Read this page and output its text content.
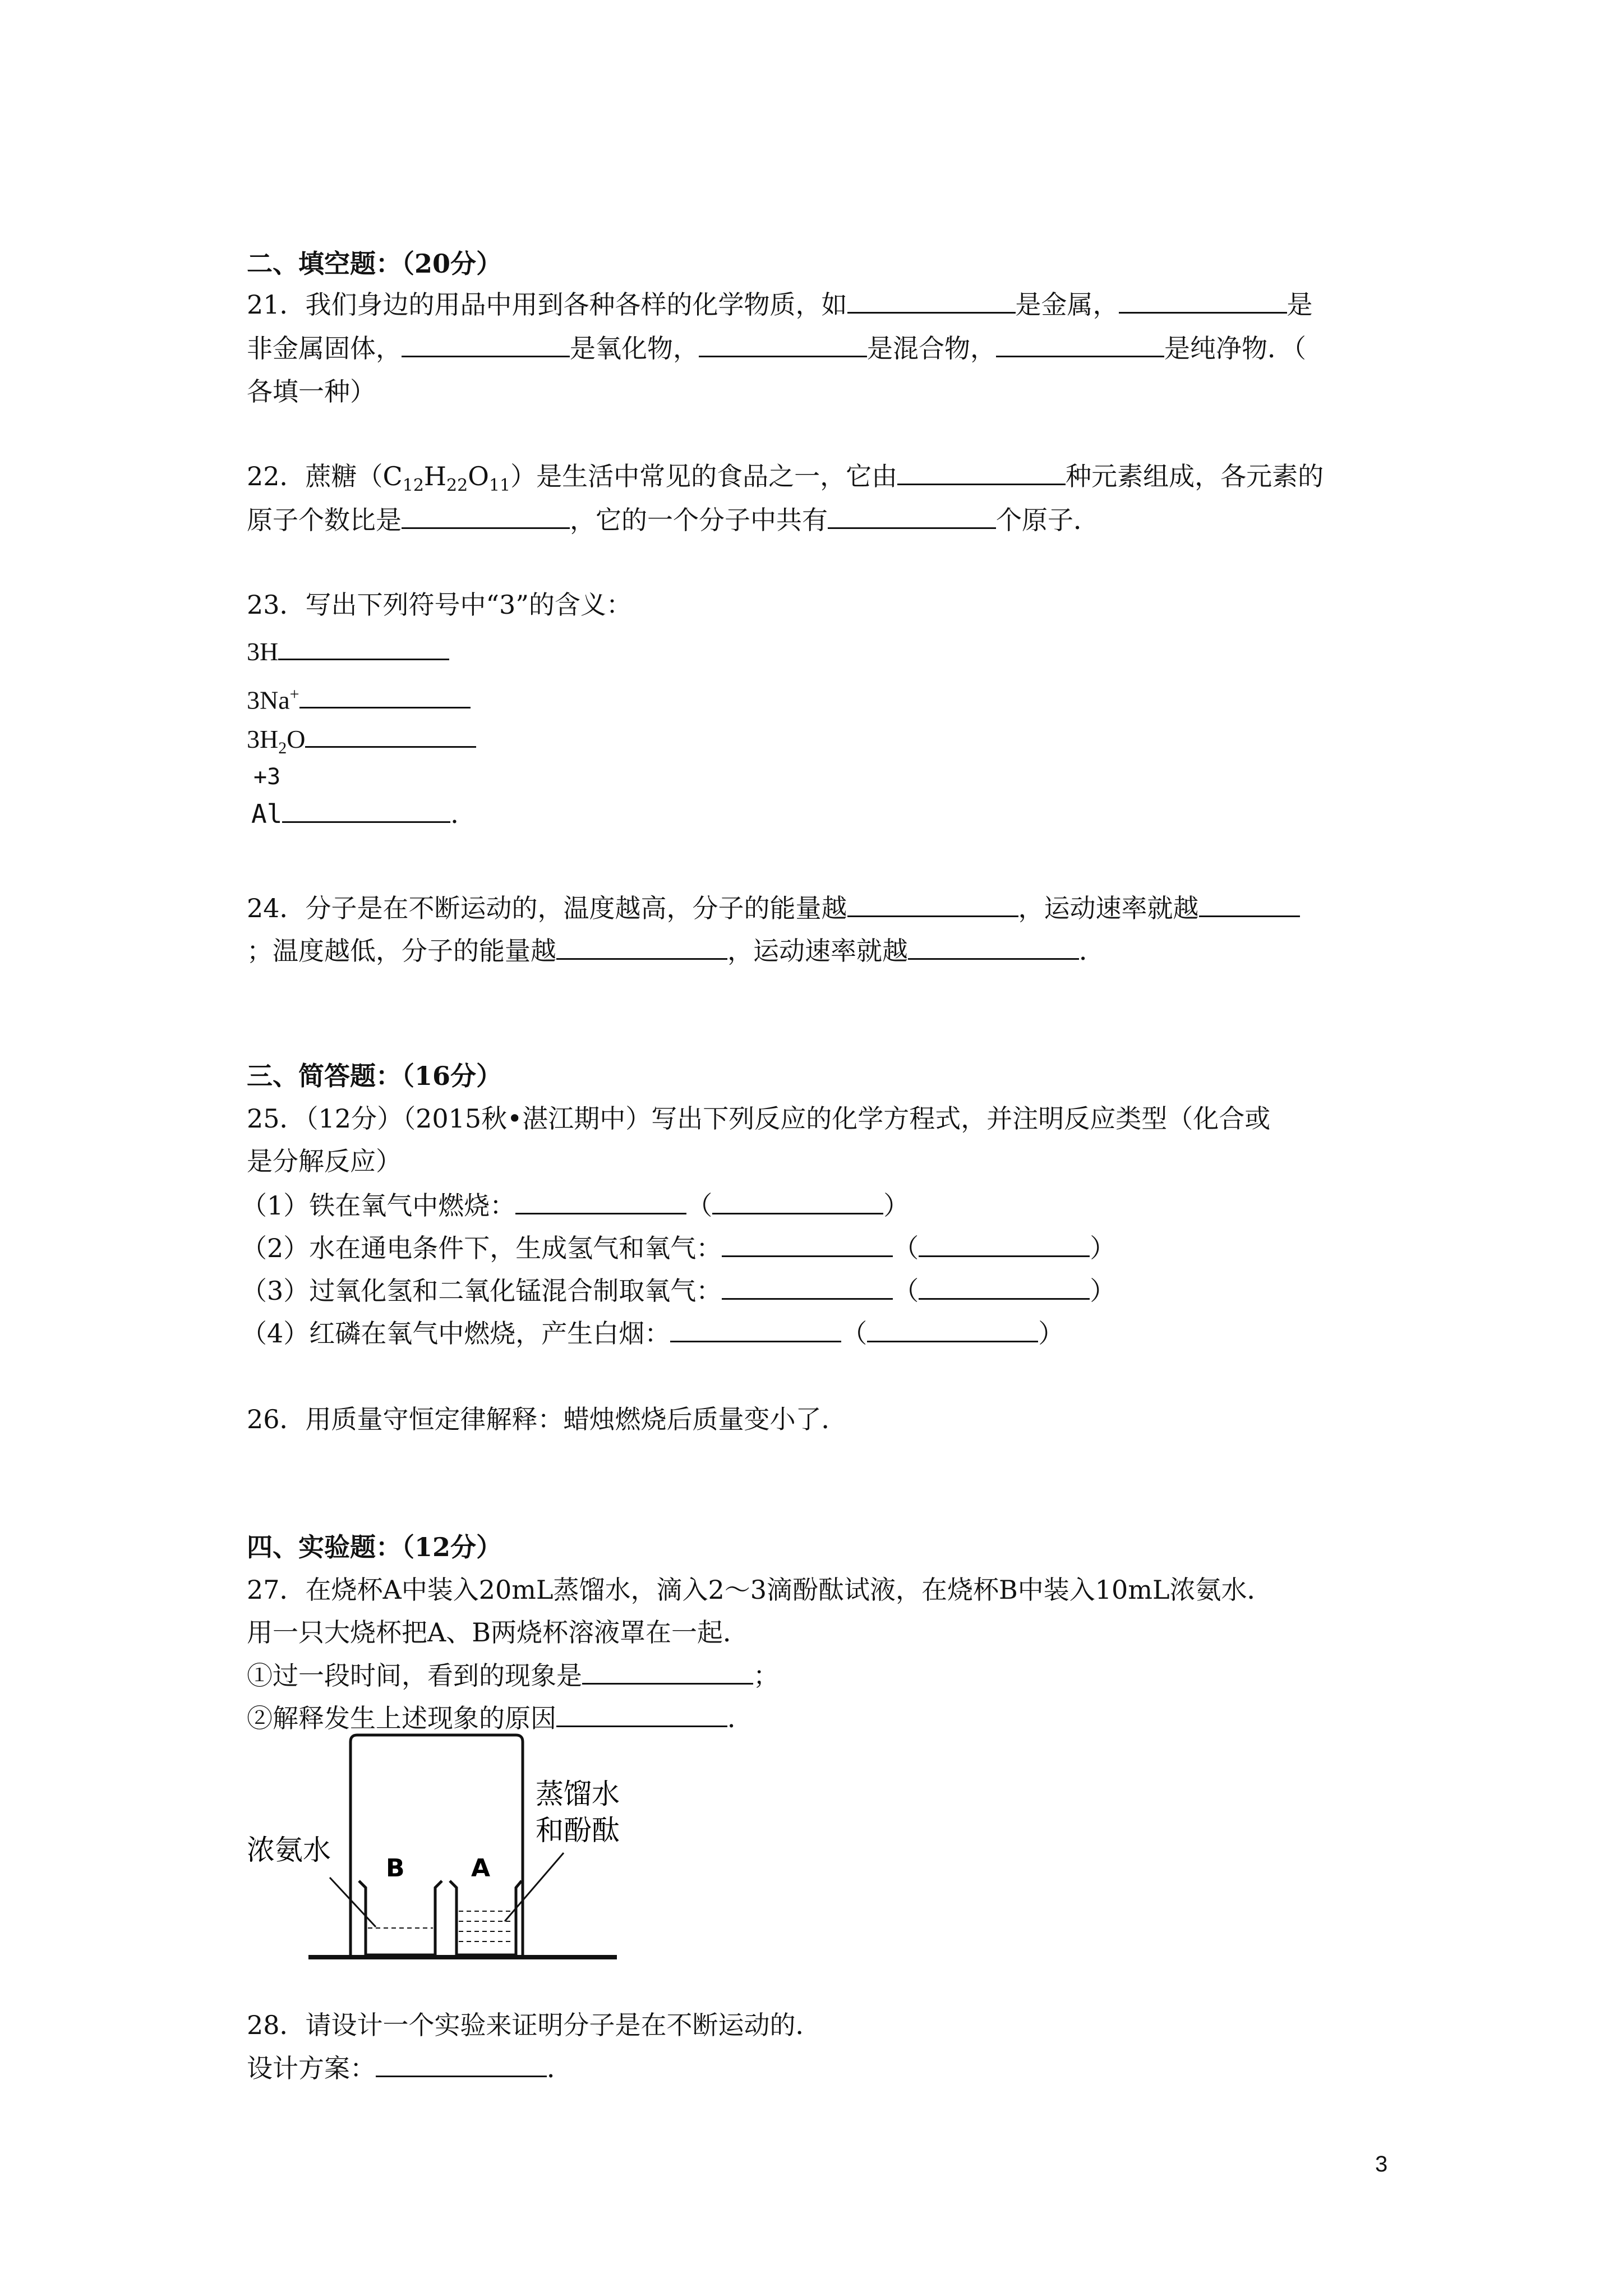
二、填空题：（20分）
21．我们身边的用品中用到各种各样的化学物质，如	是金属，	是
非金属固体，	是氧化物，	是混合物，	是纯净物．（
各填一种）
22．蔗糖$(C_{12}H_{22}O_{11})$是生活中常见的食品之一，它由	种元素组成，各元素的
原子个数比是	，它的一个分子中共有	个原子．
23．写出下列符号中“3”的含义：
3H
3Na+
$3H_2O$
+3
Al	．
24．分子是在不断运动的，温度越高，分子的能量越	，运动速率就越
；温度越低，分子的能量越	，运动速率就越	．
三、简答题：（16分）
25．（12分）（2015秋•湛江期中）写出下列反应的化学方程式，并注明反应类型（化合或
是分解反应）
（1）铁在氧气中燃烧：	（	）
（2）水在通电条件下，生成氢气和氧气：	（	）
（3）过氧化氢和二氧化锰混合制取氧气：	（	）
（4）红磷在氧气中燃烧，产生白烟：	（	）
26．用质量守恒定律解释：蜡烛燃烧后质量变小了．
四、实验题：（12分）
27．在烧杯A中装入20mL蒸馏水，滴入2～3滴酚酞试液，在烧杯B中装入10mL浓氨水．
用一只大烧杯把A、B两烧杯溶液罩在一起．
①过一段时间，看到的现象是	；
②解释发生上述现象的原因	．
浓氨水
蒸馏水
和酚酞
B	A
28．请设计一个实验来证明分子是在不断运动的．
设计方案：	．
3
